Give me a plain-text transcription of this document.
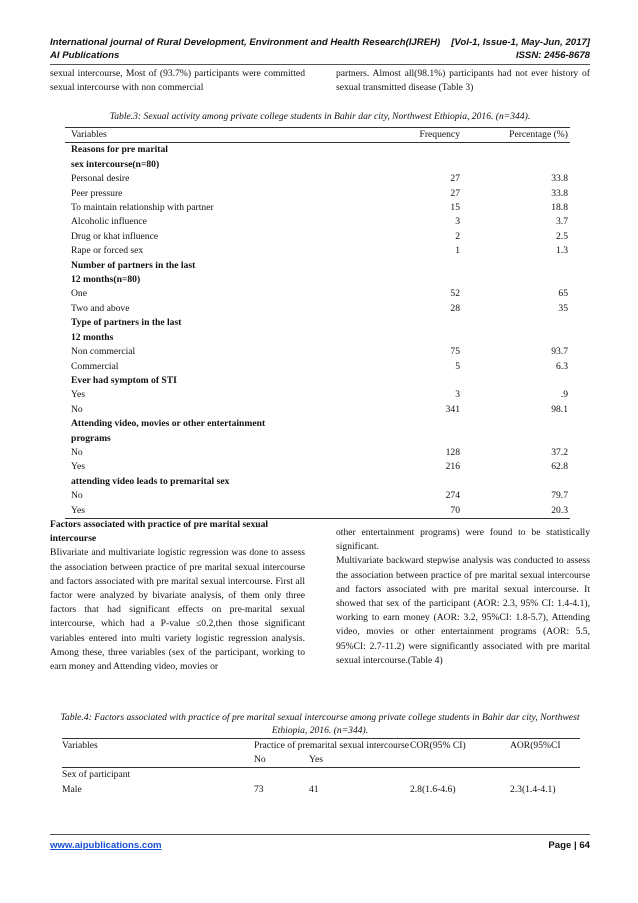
International journal of Rural Development, Environment and Health Research(IJREH) [Vol-1, Issue-1, May-Jun, 2017]
AI Publications	ISSN: 2456-8678

sexual intercourse, Most of (93.7%) participants were committed sexual intercourse with non commercial

partners. Almost all(98.1%) participants had not ever history of sexual transmitted disease (Table 3)

Table.3: Sexual activity among private college students in Bahir dar city, Northwest Ethiopia, 2016. (n=344).
Variables	Frequency	Percentage (%)
Reasons for pre marital		
sex intercourse(n=80)		
Personal desire	27	33.8
Peer pressure	27	33.8
To maintain relationship with partner	15	18.8
Alcoholic influence	3	3.7
Drug or khat influence	2	2.5
Rape or forced sex	1	1.3
Number of partners in the last		
12 months(n=80)		
One	52	65
Two and above	28	35
Type of partners in the last		
12 months		
Non commercial	75	93.7
Commercial	5	6.3
Ever had symptom of STI		
Yes	3	.9
No	341	98.1
Attending video, movies or other entertainment		
programs		
No	128	37.2
Yes	216	62.8
attending video leads to premarital sex		
No	274	79.7
Yes	70	20.3

Factors associated with practice of pre marital sexual intercourse

BIivariate and multivariate logistic regression was done to assess the association between practice of pre marital sexual intercourse and factors associated with pre marital sexual intercourse. First all factor were analyzed by bivariate analysis, of them only three factors that had significant effects on pre-marital sexual intercourse, which had a P-value ≤0.2,then those significant variables entered into multi variety logistic regression analysis. Among these, three variables (sex of the participant, working to earn money and Attending video, movies or

other entertainment programs) were found to be statistically significant.

Multivariate backward stepwise analysis was conducted to assess the association between practice of pre marital sexual intercourse and factors associated with pre marital sexual intercourse. It showed that sex of the participant (AOR: 2.3, 95% CI: 1.4-4.1), working to earn money (AOR: 3.2, 95%CI: 1.8-5.7), Attending video, movies or other entertainment programs (AOR: 5.5, 95%CI: 2.7-11.2) were significantly associated with pre marital sexual intercourse.(Table 4)

Table.4: Factors associated with practice of pre marital sexual intercourse among private college students in Bahir dar city, Northwest Ethiopia, 2016. (n=344).
Variables	Practice of premarital sexual intercourse		COR(95% CI)	AOR(95%CI
	No	Yes		
Sex of participant				
Male	73	41	2.8(1.6-4.6)	2.3(1.4-4.1)
www.aipublications.com	Page | 64
